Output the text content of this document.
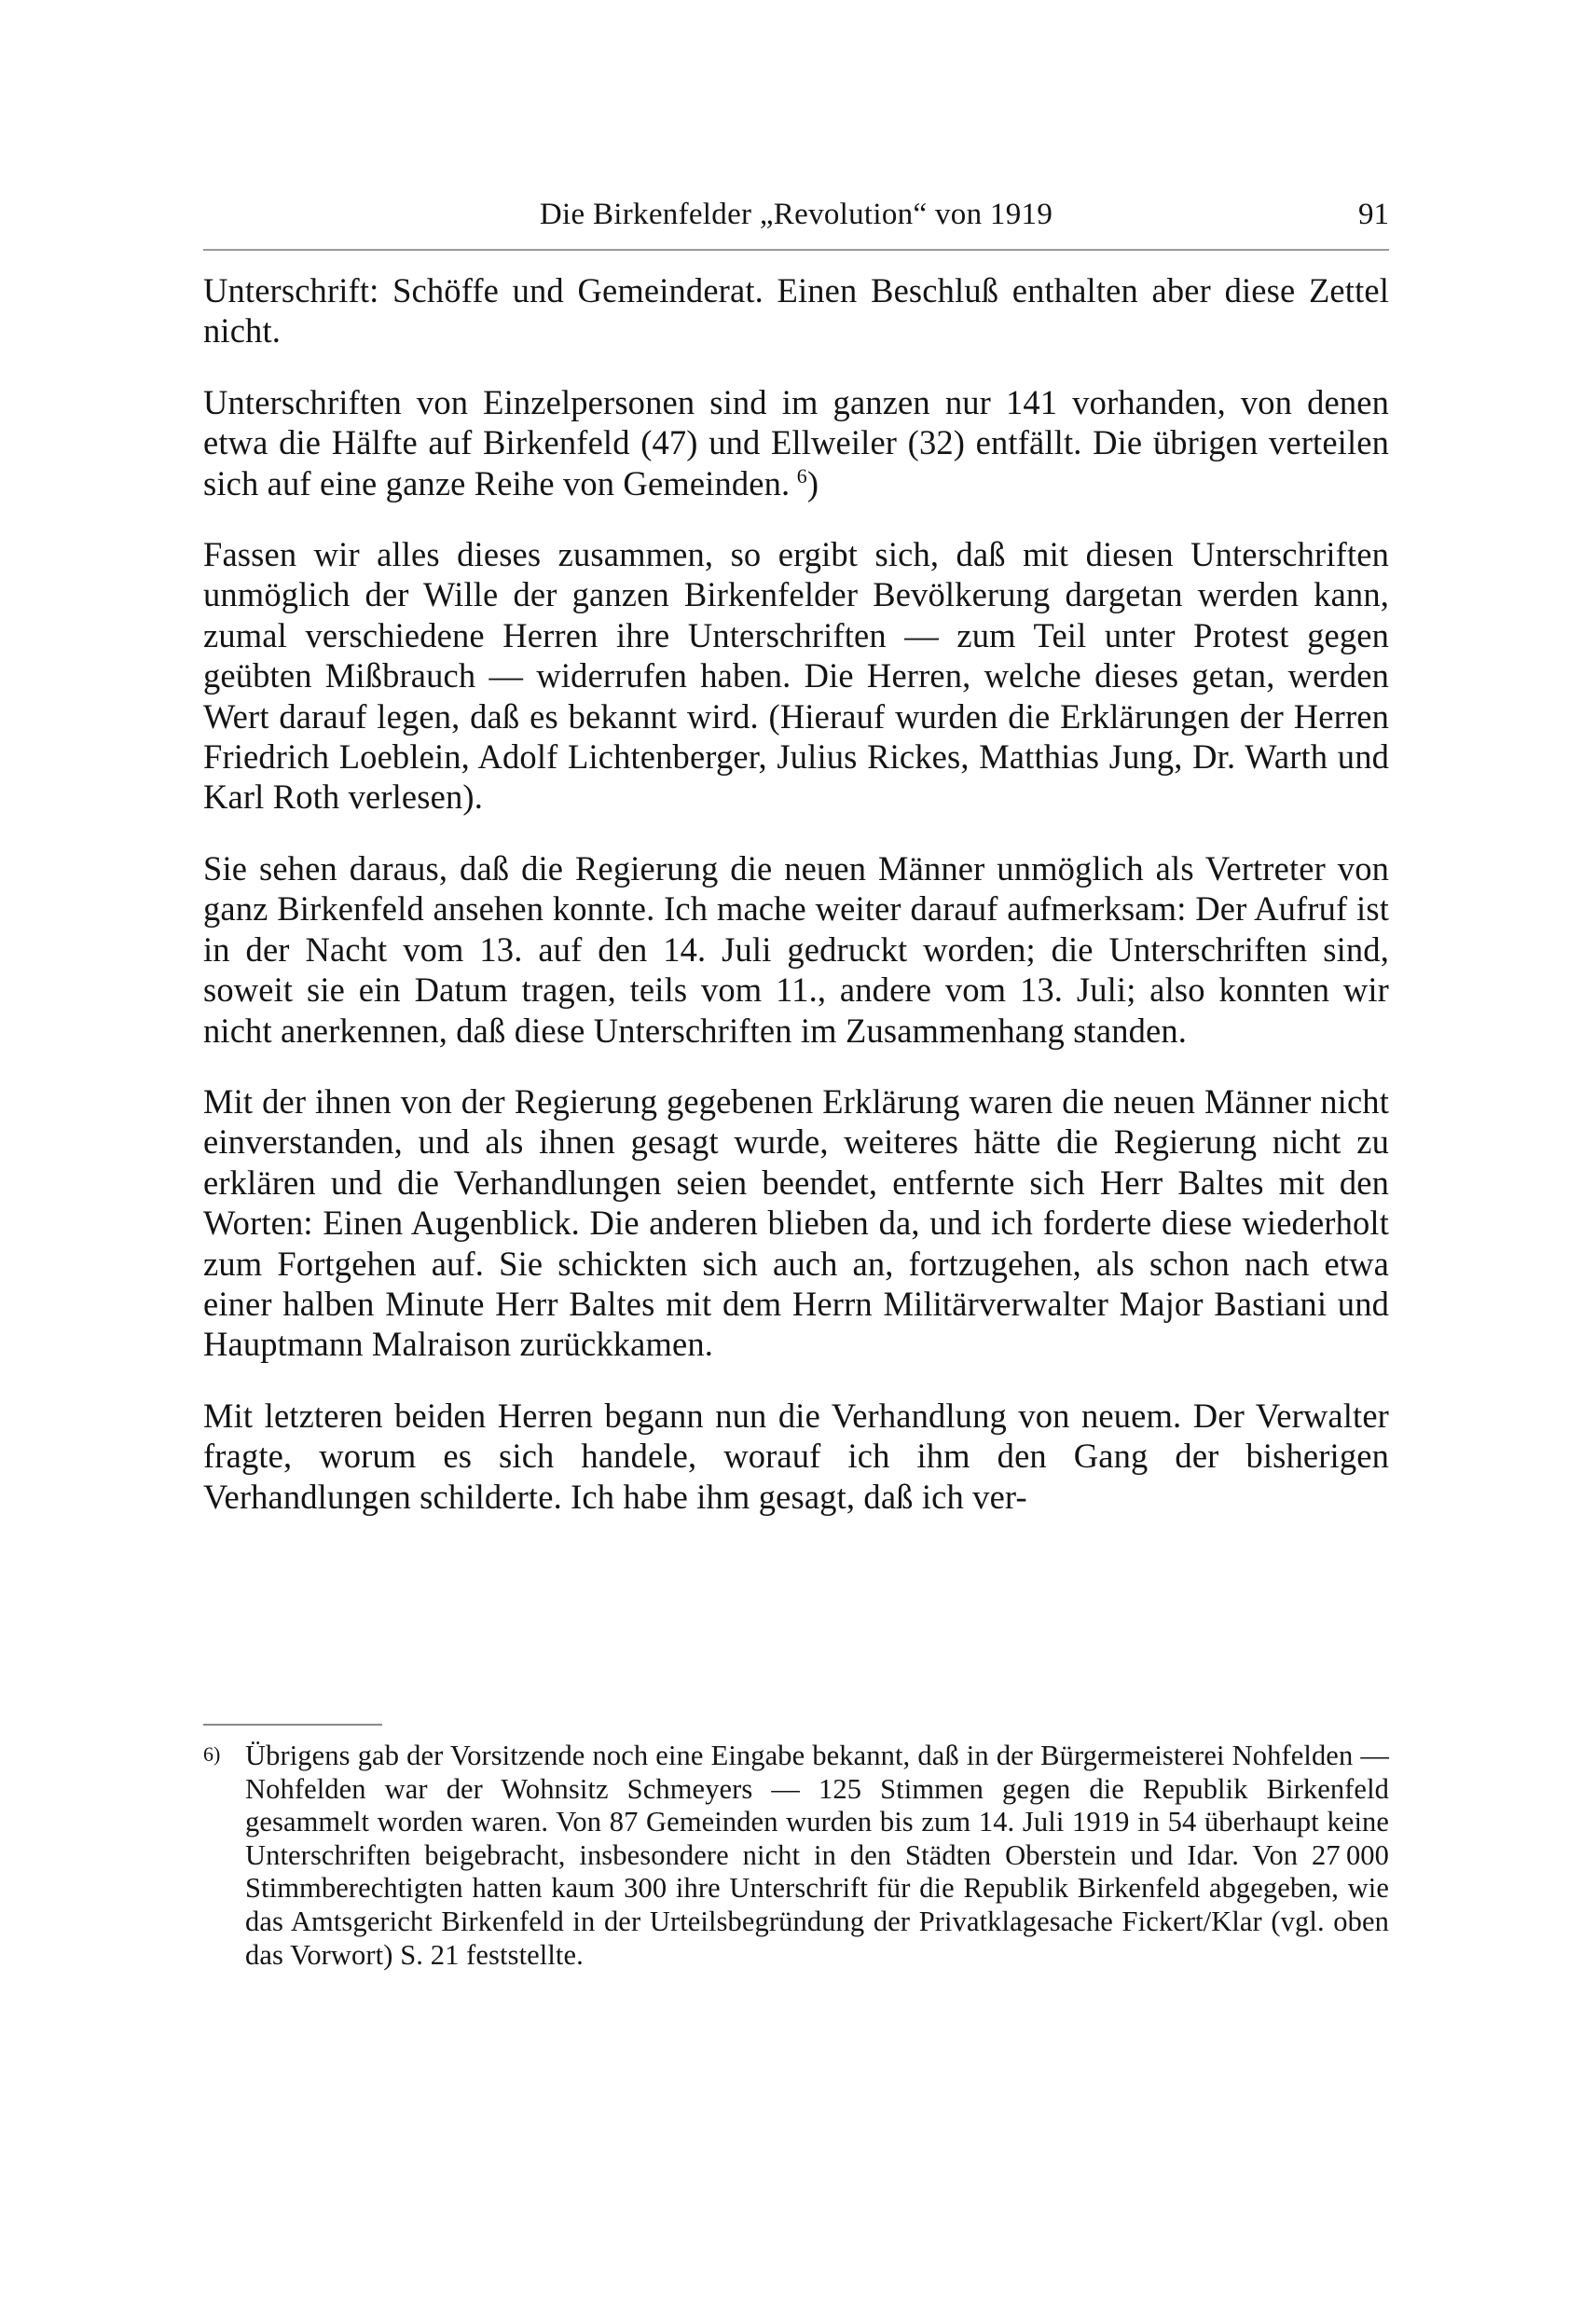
Die Birkenfelder „Revolution“ von 1919	91

Unterschrift: Schöffe und Gemeinderat. Einen Beschluß enthalten aber diese Zettel nicht.

Unterschriften von Einzelpersonen sind im ganzen nur 141 vorhanden, von denen etwa die Hälfte auf Birkenfeld (47) und Ellweiler (32) entfällt. Die übrigen verteilen sich auf eine ganze Reihe von Gemeinden.  $^6$)

Fassen wir alles dieses zusammen, so ergibt sich, daß mit diesen Unterschriften unmöglich der Wille der ganzen Birkenfelder Bevölkerung dargetan werden kann, zumal verschiedene Herren ihre Unterschriften — zum Teil unter Protest gegen geübten Mißbrauch — widerrufen haben. Die Herren, welche dieses getan, werden Wert darauf legen, daß es bekannt wird. (Hierauf wurden die Erklärungen der Herren Friedrich Loeblein, Adolf Lichtenberger, Julius Rickes, Matthias Jung, Dr. Warth und Karl Roth verlesen).

Sie sehen daraus, daß die Regierung die neuen Männer unmöglich als Vertreter von ganz Birkenfeld ansehen konnte. Ich mache weiter darauf aufmerksam: Der Aufruf ist in der Nacht vom 13. auf den 14. Juli gedruckt worden; die Unterschriften sind, soweit sie ein Datum tragen, teils vom 11., andere vom 13. Juli; also konnten wir nicht anerkennen, daß diese Unterschriften im Zusammenhang standen.

Mit der ihnen von der Regierung gegebenen Erklärung waren die neuen Männer nicht einverstanden, und als ihnen gesagt wurde, weiteres hätte die Regierung nicht zu erklären und die Verhandlungen seien beendet, entfernte sich Herr Baltes mit den Worten: Einen Augenblick. Die anderen blieben da, und ich forderte diese wiederholt zum Fortgehen auf. Sie schickten sich auch an, fortzugehen, als schon nach etwa einer halben Minute Herr Baltes mit dem Herrn Militärverwalter Major Bastiani und Hauptmann Malraison zurückkamen.

Mit letzteren beiden Herren begann nun die Verhandlung von neuem. Der Verwalter fragte, worum es sich handele, worauf ich ihm den Gang der bisherigen Verhandlungen schilderte. Ich habe ihm gesagt, daß ich ver-

6) Übrigens gab der Vorsitzende noch eine Eingabe bekannt, daß in der Bürgermeisterei Nohfelden — Nohfelden war der Wohnsitz Schmeyers — 125 Stimmen gegen die Republik Birkenfeld gesammelt worden waren. Von 87 Gemeinden wurden bis zum 14. Juli 1919 in 54 überhaupt keine Unterschriften beigebracht, insbesondere nicht in den Städten Oberstein und Idar. Von 27 000 Stimmberechtigten hatten kaum 300 ihre Unterschrift für die Republik Birkenfeld abgegeben, wie das Amtsgericht Birkenfeld in der Urteilsbegründung der Privatklagesache Fickert/Klar (vgl. oben das Vorwort) S. 21 feststellte.
